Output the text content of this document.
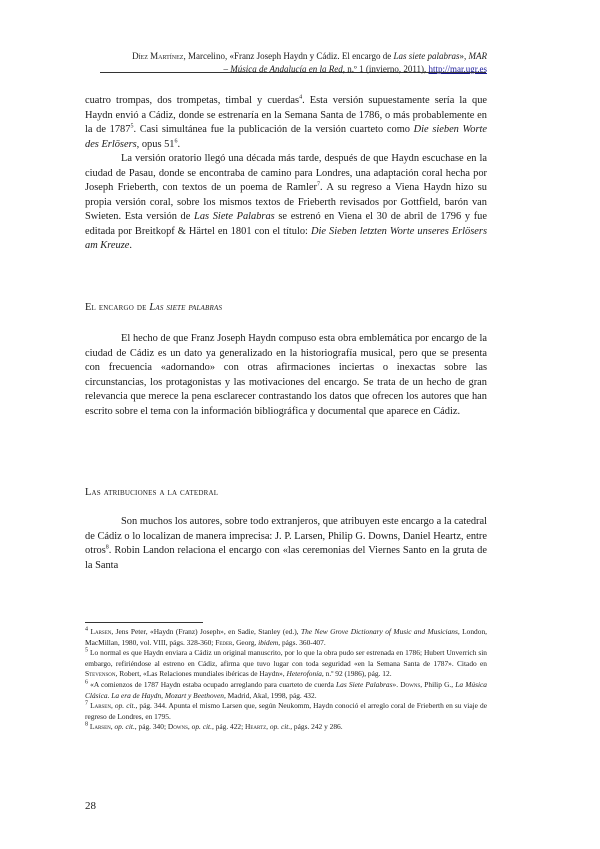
Díez Martínez, Marcelino, «Franz Joseph Haydn y Cádiz. El encargo de Las siete palabras», MAR
– Música de Andalucía en la Red, n.º 1 (invierno, 2011), http://mar.ugr.es

cuatro trompas, dos trompetas, timbal y cuerdas$^4$. Esta versión supuestamente sería la que Haydn envió a Cádiz, donde se estrenaría en la Semana Santa de 1786, o más probablemente en la de 1787$^5$. Casi simultánea fue la publicación de la versión cuarteto como Die sieben Worte des Erlösers, opus $51^6$.

La versión oratorio llegó una década más tarde, después de que Haydn escuchase en la ciudad de Pasau, donde se encontraba de camino para Londres, una adaptación coral hecha por Joseph Frieberth, con textos de un poema de Ramler$^7$. A su regreso a Viena Haydn hizo su propia versión coral, sobre los mismos textos de Frieberth revisados por Gottfield, barón van Swieten. Esta versión de Las Siete Palabras se estrenó en Viena el 30 de abril de 1796 y fue editada por Breitkopf & Härtel en 1801 con el título: Die Sieben letzten Worte unseres Erlösers am Kreuze.

El encargo de Las siete palabras

El hecho de que Franz Joseph Haydn compuso esta obra emblemática por encargo de la ciudad de Cádiz es un dato ya generalizado en la historiografía musical, pero que se presenta con frecuencia «adornando» con otras afirmaciones inciertas o inexactas sobre las circunstancias, los protagonistas y las motivaciones del encargo. Se trata de un hecho de gran relevancia que merece la pena esclarecer contrastando los datos que ofrecen los autores que han escrito sobre el tema con la información bibliográfica y documental que aparece en Cádiz.

Las atribuciones a la catedral

Son muchos los autores, sobre todo extranjeros, que atribuyen este encargo a la catedral de Cádiz o lo localizan de manera imprecisa: J. P. Larsen, Philip G. Downs, Daniel Heartz, entre otros$^8$. Robin Landon relaciona el encargo con «las ceremonias del Viernes Santo en la gruta de la Santa

$^4$ Larsen, Jens Peter, «Haydn (Franz) Joseph», en Sadie, Stanley (ed.), The New Grove Dictionary of Music and Musicians, London, MacMillan, 1980, vol. VIII, págs. 328-360; Feder, Georg, ibidem, págs. 360-407.

$^5$ Lo normal es que Haydn enviara a Cádiz un original manuscrito, por lo que la obra pudo ser estrenada en 1786; Hubert Unverrich sin embargo, refiriéndose al estreno en Cádiz, afirma que tuvo lugar con toda seguridad «en la Semana Santa de 1787». Citado en Stevenson, Robert, «Las Relaciones mundiales ibéricas de Haydn», Heterofonía, n.º 92 (1986), pág. 12.

$^6$ «A comienzos de 1787 Haydn estaba ocupado arreglando para cuarteto de cuerda Las Siete Palabras». Downs, Philip G., La Música Clásica. La era de Haydn, Mozart y Beethoven, Madrid, Akal, 1998, pág. 432.

$^7$ Larsen, op. cit., pág. 344. Apunta el mismo Larsen que, según Neukomm, Haydn conoció el arreglo coral de Frieberth en su viaje de regreso de Londres, en 1795.

$^8$ Larsen, op. cit., pág. 340; Downs, op. cit., pág. 422; Heartz, op. cit., págs. 242 y 286.

28
